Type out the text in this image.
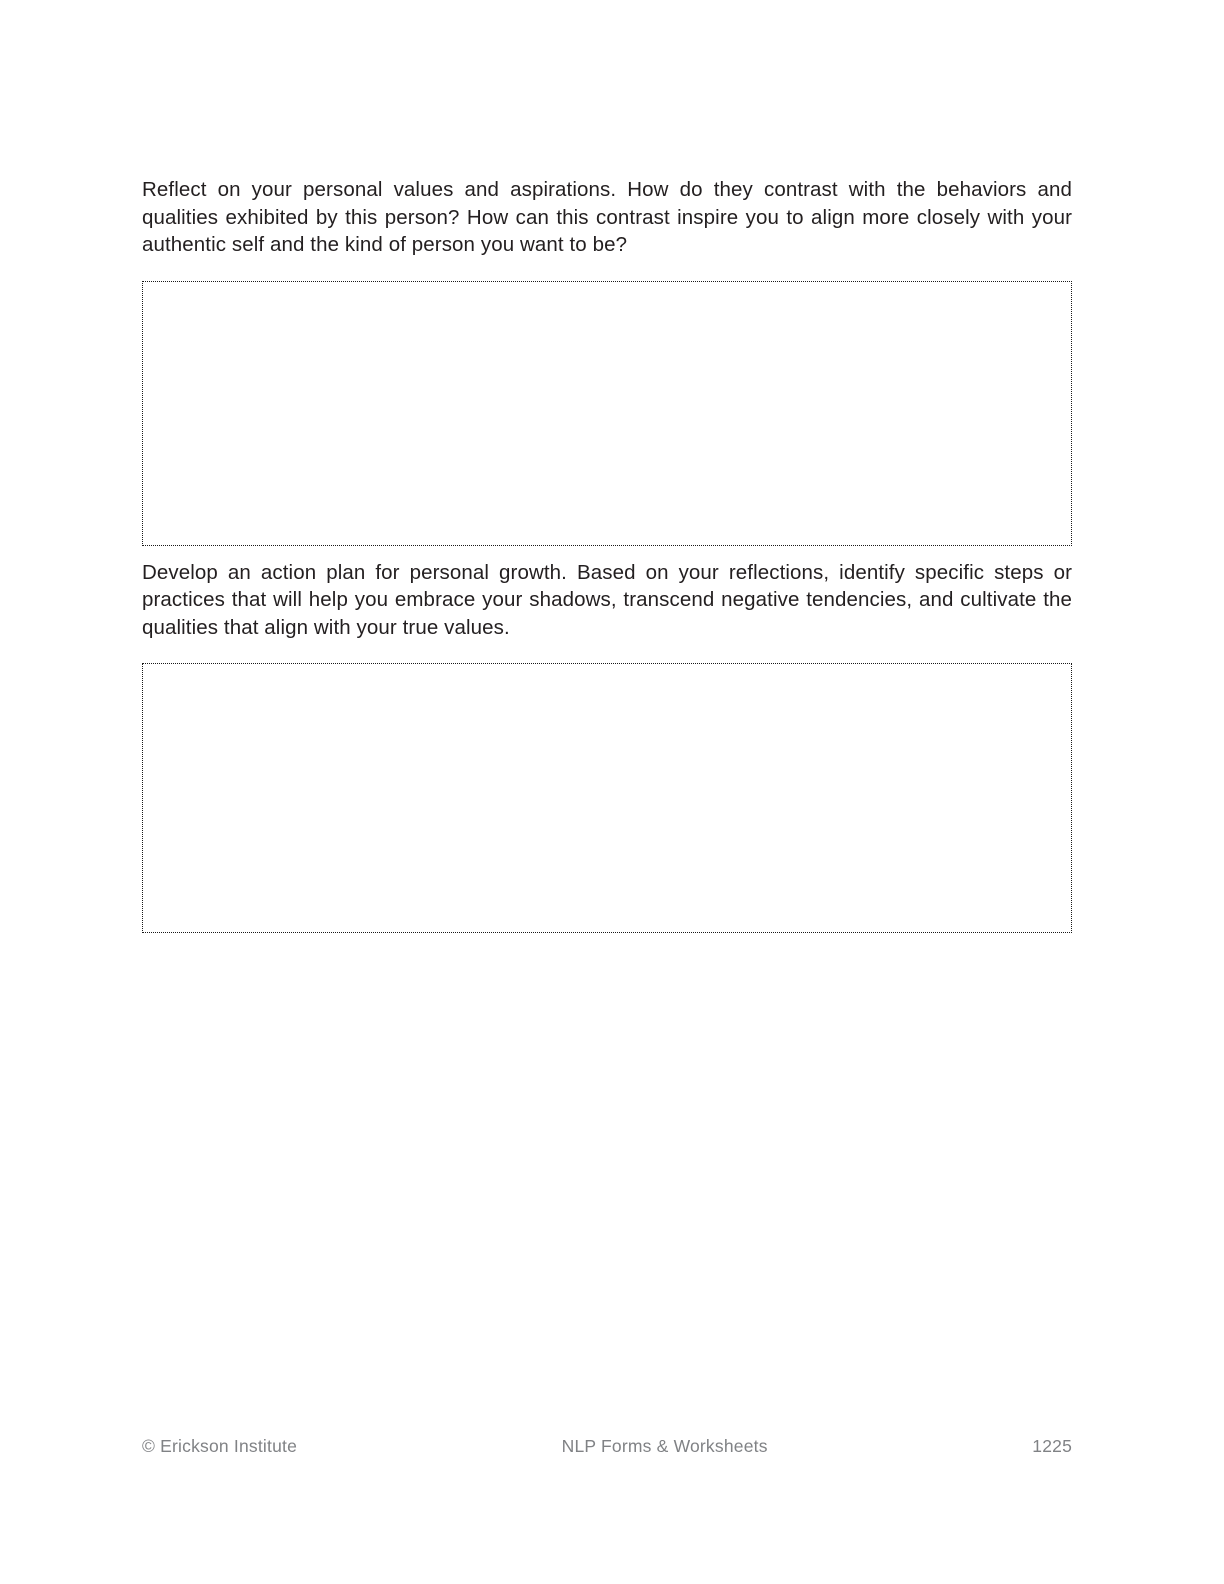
Reflect on your personal values and aspirations. How do they contrast with the behaviors and qualities exhibited by this person? How can this contrast inspire you to align more closely with your authentic self and the kind of person you want to be?

Develop an action plan for personal growth. Based on your reflections, identify specific steps or practices that will help you embrace your shadows, transcend negative tendencies, and cultivate the qualities that align with your true values.

© Erickson Institute	NLP Forms & Worksheets	1225
